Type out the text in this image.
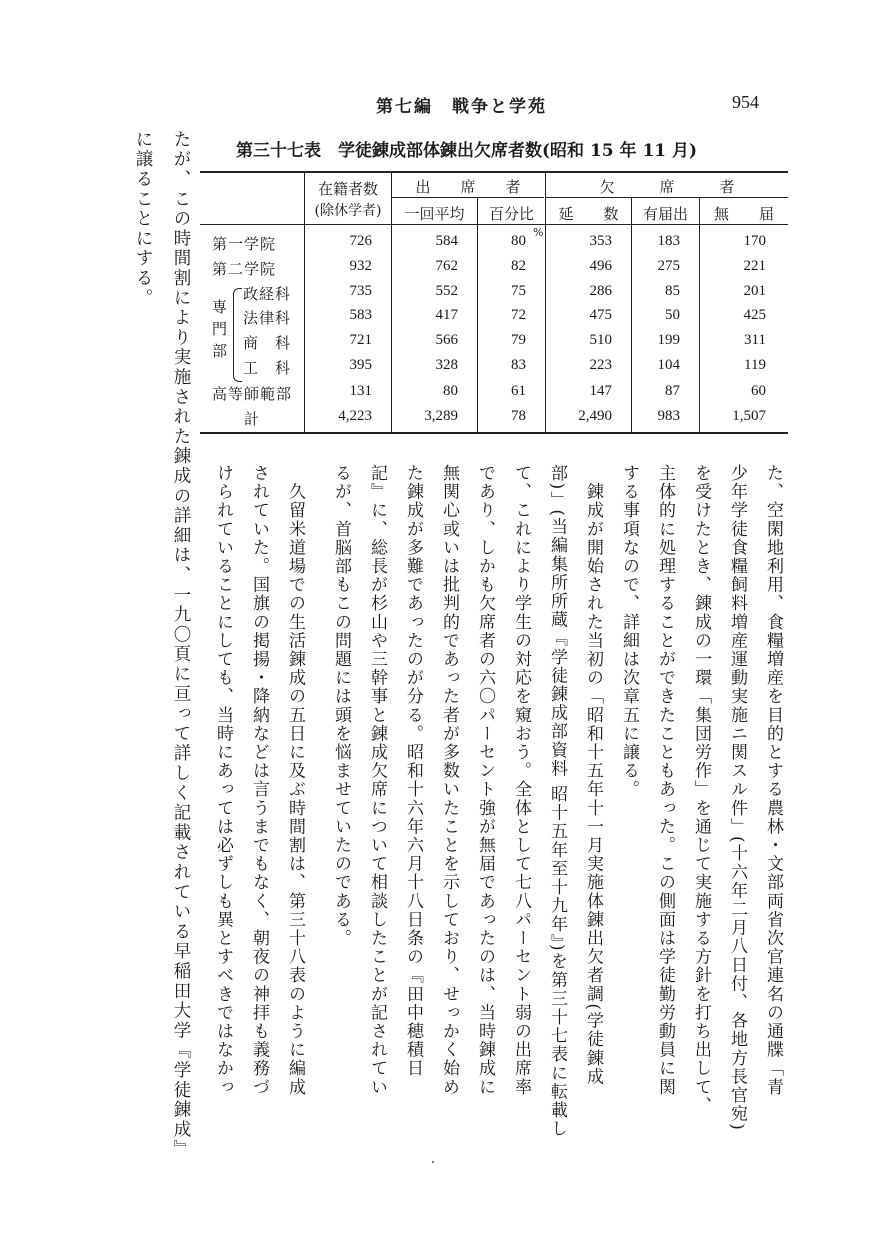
第七編　戦争と学苑	954
第三十七表　学徒錬成部体錬出欠席者数(昭和 15 年 11 月)
在籍者数
(除休学者)
出　　席　　者	欠　　　席　　　者
一回平均	百分比	延　　数	有届出	無　　届
%
専
門
部
第一学院	726	584	80	353	183	170
第二学院	932	762	82	496	275	221
政経科	735	552	75	286	85	201
法律科	583	417	72	475	50	425
商　科	721	566	79	510	199	311
工　科	395	328	83	223	104	119
高等師範部	131	80	61	147	87	60
計	4,223	3,289	78	2,490	983	1,507
た、空閑地利用、食糧増産を目的とする農林・文部両省次官連名の通牒「青
少年学徒食糧飼料増産運動実施ニ関スル件」(十六年二月八日付、各地方長官宛)
を受けたとき、錬成の一環「集団労作」を通じて実施する方針を打ち出して、
主体的に処理することができたこともあった。この側面は学徒勤労動員に関
する事項なので、詳細は次章五に譲る。
　錬成が開始された当初の「昭和十五年十一月実施体錬出欠者調(学徒錬成
部)」(当編集所所蔵『学徒錬成部資料 昭十五年至十九年』)を第三十七表に転載し
て、これにより学生の対応を窺おう。全体として七八パーセント弱の出席率
であり、しかも欠席者の六〇パーセント強が無届であったのは、当時錬成に
無関心或いは批判的であった者が多数いたことを示しており、せっかく始め
た錬成が多難であったのが分る。昭和十六年六月十八日条の『田中穂積日
記』に、総長が杉山や三幹事と錬成欠席について相談したことが記されてい
るが、首脳部もこの問題には頭を悩ませていたのである。
　久留米道場での生活錬成の五日に及ぶ時間割は、第三十八表のように編成
されていた。国旗の掲揚・降納などは言うまでもなく、朝夜の神拝も義務づ
けられていることにしても、当時にあっては必ずしも異とすべきではなかっ
たが、この時間割により実施された錬成の詳細は、一九〇頁に亘って詳しく記載されている早稲田大学『学徒錬成』
に譲ることにする。
